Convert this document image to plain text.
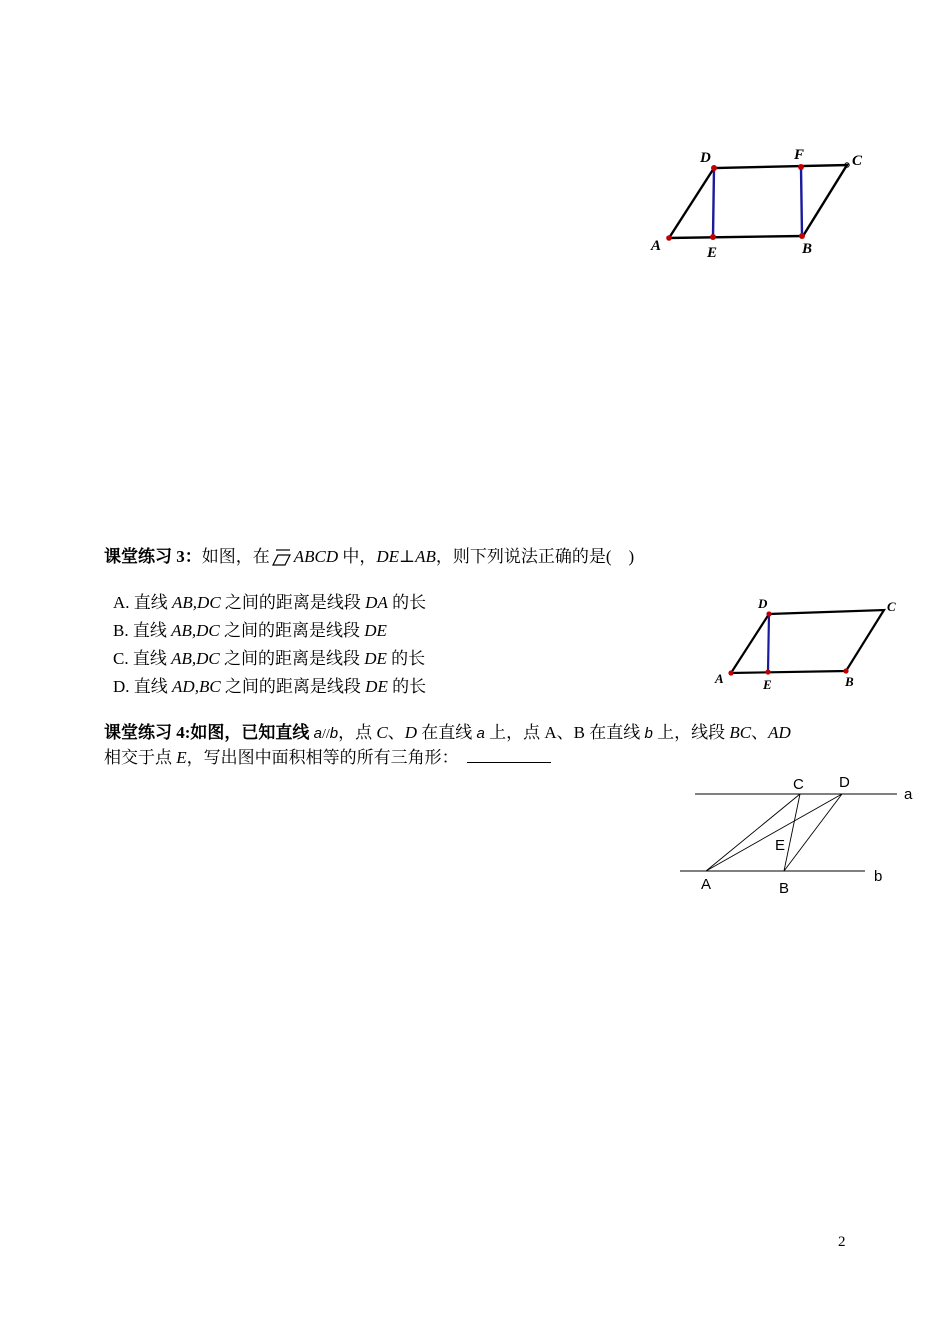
D	F	C
A	E	B
课堂练习 3：如图，在 ABCD 中，DE⊥AB，则下列说法正确的是(　)
A. 直线 AB,DC 之间的距离是线段 DA 的长
B. 直线 AB,DC 之间的距离是线段 DE
C. 直线 AB,DC 之间的距离是线段 DE 的长
D. 直线 AD,BC 之间的距离是线段 DE 的长
D	C
A	E	B
课堂练习 4:如图，已知直线 a//b，点 C、D 在直线 a 上，点 A、B 在直线 b 上，线段 BC、AD
相交于点 E，写出图中面积相等的所有三角形：
C D
a
E
A	B
b
2
